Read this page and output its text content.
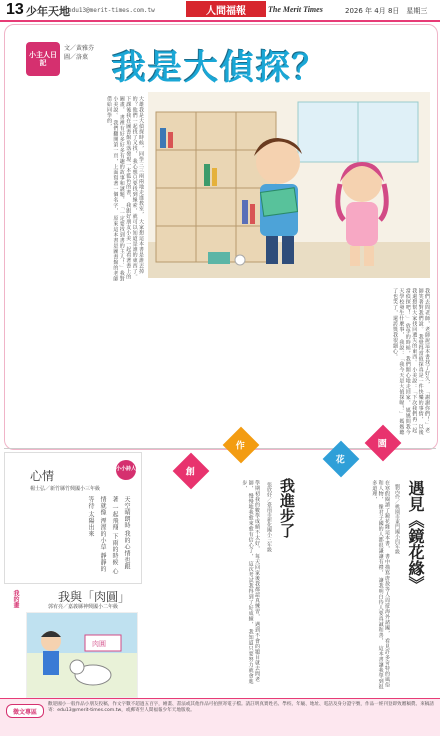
13 少年天地
edu13@merit-times.com.tw	人間福報	The Merit Times	2026 年 4月 8日　星期三
小主人日記
文／黃雅芬
圖／洛菓 我是大偵探？
大雄我是大偵探時候，同學三三兩兩地走進教室， 大家想這本書是誰丟掉的？他們一起找了又找， 我心想只要找到線索，就可以知道是誰的東西了。 下課後我在圖書館角落發現一本藍色的書， 我跟好朋友小美一起看著書上的圖畫， 書裡有好多好多有趣的故事和謎題， 「一定要找到書的主人！」我對小美說。 我們翻開第一頁，上面寫著一個名字， 原來這本書是圖書館的老師借給同學的，
我們去問老師，老師說這本書找了好久， 「謝謝你們！」老師笑著對我們說。 我覺得當偵探真是一件快樂的事情， 以後我還想幫大家找回遺失的東西。 小美說：「下次我們再一起當偵探吧！」 放學的時候，我們開心地走回家， 媽媽問我今天學校發生什麼事， 我說：「我今天是大偵探喔！」 媽媽聽了也笑了，還誇獎我很細心。
心情	小小詩人
楊士弘／新竹縣竹興國小三年級
天空晴朗時 我的心情也跟著 一起飛翔 下雨的時候 心情就像 溼溼的小草 靜靜的等待 太陽出來
我的畫	我與「肉圓」
郭宥亮／嘉義縣神興國小二年級
肉圓
創
作
花
園
遇見《鏡花緣》
劉芮伶／桃園市東門國小四年級
在寒假閱讀了鏡花緣這本書， 書中描寫唐敖等人周遊海外諸國， 看見許多奇特的風俗和人物， 像君子國的人都很謙讓有禮， 讓我明白待人要真誠和善， 這本書讓我學到很多道理，
我進步了
張欣妤／臺南市新化國小三年級
學期初我的數學成績不太好， 每天回家後我都認真練習， 遇到不會的題目就去問老師， 慢慢地我愈來愈有信心了， 這次考試我得到了好成績， 我知道只要努力就會進步，
徵文專區
歡迎國小一般作品小朋友投稿，作文字數不超過五百字，繪畫、書法或其他作品可拍照寄電子檔。請註明真實姓名、學校、年級、地址、電話及身分證字號，作品一經刊登即致贈稿費。來稿請寄：edu13@merit-times.com.tw，或郵寄至人間福報少年天地版收。
